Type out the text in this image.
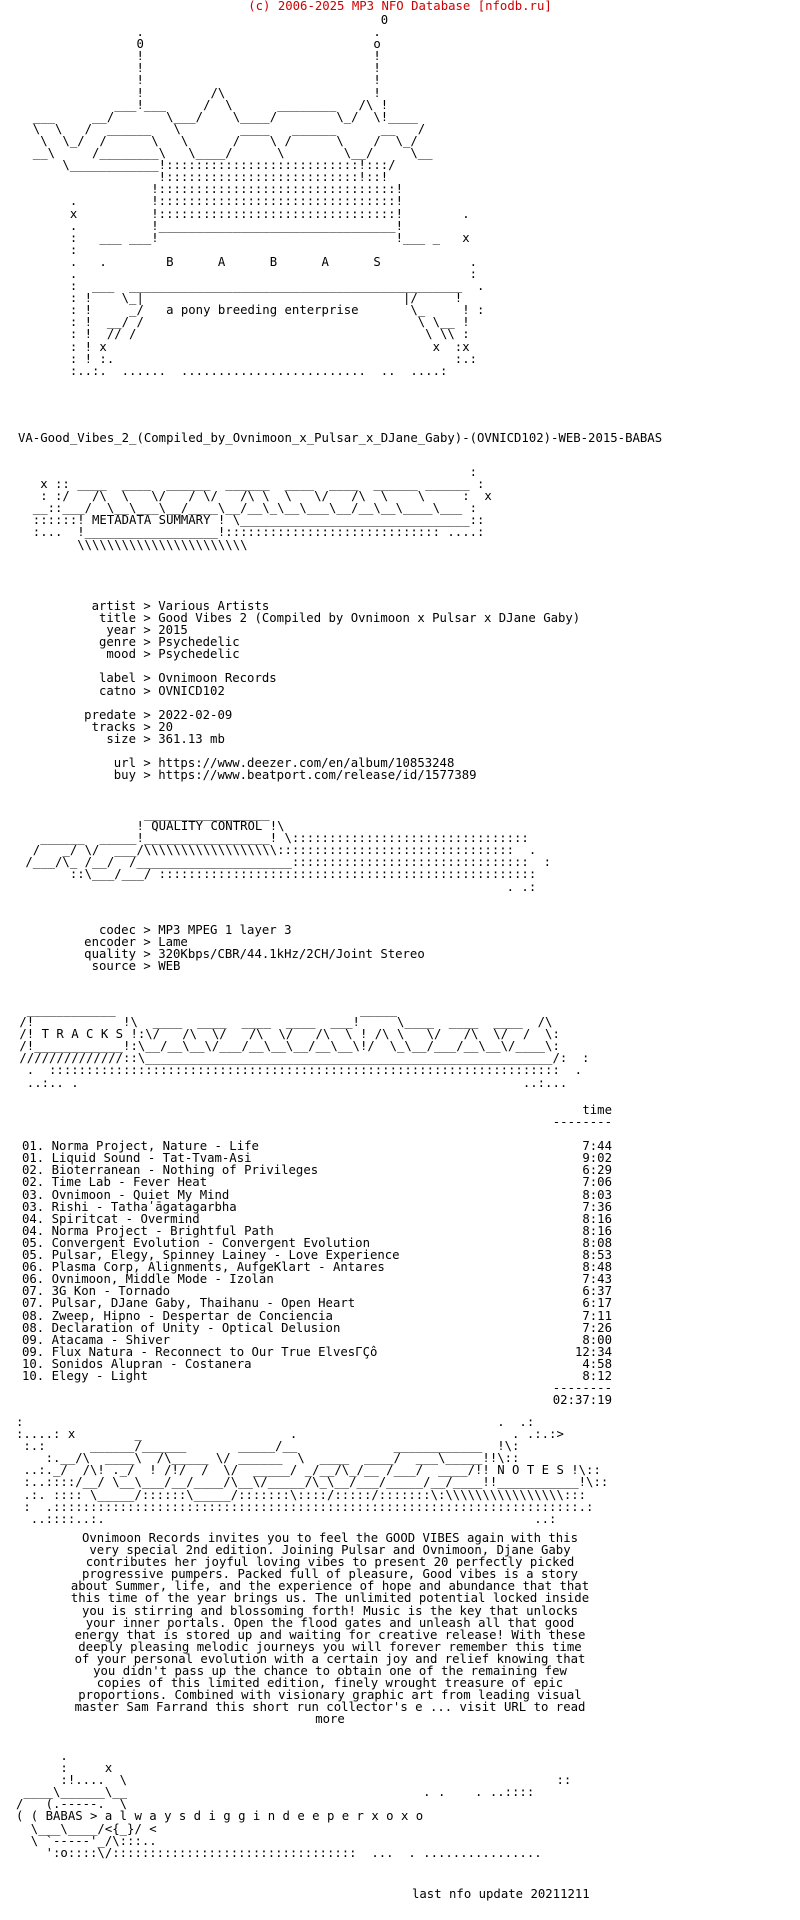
(c) 2006-2025 MP3 NFO Database [nfodb.ru]
0
.                               .
0                               o
!                               !
!                               !
!                               !
!         /\                    !
___!___     /  \      ________   /\ !
___     __/       \___/    \____/        \_/  \!____
\  \   /  ______   \        ____   ______      __   /
\  \_/  /      \   \      /    \ /      \    /  \_/
__\     /________\   \____/      \        \__/     \__
\____________!::::::::::::::::::::::::::!:::/
!::::::::::::::::::::::::::!::!
!::::::::::::::::::::::::::::::::!
.          !::::::::::::::::::::::::::::::::!
x          !::::::::::::::::::::::::::::::::!        .
.          !________________________________!
:   ___ ___!                                !___ _   x
:
.   .        B      A      B      A      S            .
.                                                     :
:  ___  _____________________________________________  .
: !    \_|                                   |/     !
: !     _/   a pony breeding enterprise       \_     ! :
: !  __/ /                                     \ \__ !
: !  // /                                       \ \\ :
: ! x                                            x  :x
: ! :.                                              :.:
:..:.  ......  .........................  ..  ....:
VA-Good_Vibes_2_(Compiled_by_Ovnimoon_x_Pulsar_x_DJane_Gaby)-(OVNICD102)-WEB-2015-BABAS
:
x :: ____  ____  ______  ______  ____  ____  ______ ______ :
: :/   /\  \   \/   / \/   /\ \  \   \/   /\  \    \     :  x
__::___/  \__\___\__/____\__/__\_\__\___\__/__\__\____\___ :
::::::! METADATA SUMMARY ! \_______________________________::
:...  !__________________!::::::::::::::::::::::::::::: ....:
\\\\\\\\\\\\\\\\\\\\\\\
artist > Various Artists
title > Good Vibes 2 (Compiled by Ovnimoon x Pulsar x DJane Gaby)
year > 2015
genre > Psychedelic
mood > Psychedelic

label > Ovnimoon Records
catno > OVNICD102

predate > 2022-02-09
tracks > 20
size > 361.13 mb

url > https://www.deezer.com/en/album/10853248
buy > https://www.beatport.com/release/id/1577389
_________________
! QUALITY CONTROL !\
______  _____!_________________! \::::::::::::::::::::::::::::::::
/   _/ \/  ___/\\\\\\\\\\\\\\\\\\::::::::::::::::::::::::::::::::  .
/___/\_ /__/  /_____________________::::::::::::::::::::::::::::::::  :
::\___/___/ :::::::::::::::::::::::::::::::::::::::::::::::::::
. .:
codec > MP3 MPEG 1 layer 3
encoder > Lame
quality > 320Kbps/CBR/44.1kHz/2CH/Joint Stereo
source > WEB
____________                                 _____
/!            !\  ____  ____  ____  ____  ___!     \____  ____  ____  /\
/! T R A C K S !:\/   /\  \/   /\  \/   /\  \ ! /\ \   \/   /\  \/  /  \:
/!____________!:\__/__\__\/___/__\__\__/__\__\!/  \_\__/___/__\__\/____\:
//////////////::\_______________________________________________________/:  :
.  :::::::::::::::::::::::::::::::::::::::::::::::::::::::::::::::::::::  .
..:.. .                                                            ..:...

time

--------

01. Norma Project, Nature - Life	7:44
01. Liquid Sound - Tat-Tvam-Asi	9:02
02. Bioterranean - Nothing of Privileges	6:29
02. Time Lab - Fever Heat	7:06
03. Ovnimoon - Quiet My Mind	8:03
03. Rishi - Tathaʹāgatagarbha	7:36
04. Spiritcat - Overmind	8:16
04. Norma Project - Brightful Path	8:16
05. Convergent Evolution - Convergent Evolution	8:08
05. Pulsar, Elegy, Spinney Lainey - Love Experience	8:53
06. Plasma Corp, Alignments, AufgeKlart - Antares	8:48
06. Ovnimoon, Middle Mode - Izolan	7:43
07. 3G Kon - Tornado	6:37
07. Pulsar, DJane Gaby, Thaihanu - Open Heart	6:17
08. Zweep, Hipno - Despertar de Conciencia	7:11
08. Declaration of Unity - Optical Delusion	7:26
09. Atacama - Shiver	8:00
09. Flux Natura - Reconnect to Our True ElvesΓÇô	12:34
10. Sonidos Alupran - Costanera	4:58
10. Elegy - Light	8:12

--------

02:37:19

:                                                                .  .:
:....: x        _                    .                             . .:.:>
:.:      ______/______       _____/__             ____________  !\:
:.__/\  ____\  /\_____ \/ ______  \  ____  ____/  ___\_____!!\::
..:._/  /\! ._/  ! /!/  /  \/  _____/ _/__/\_/__ /___/  ____/!! N O T E S !\::
:..::::/__/ \__\___/__/____/\__\/_____/\_\__/___/_____/__/____!!___________!\::
.:. :::: \_____/::::::\_____/:::::::\::::/:::::/:::::::\:\\\\\\\\\\\\\\\\:::
:  .:::::::::::::::::::::::::::::::::::::::::::::::::::::::::::::::::::::::.:
..::::..:.                                                          ..:
Ovnimoon Records invites you to feel the GOOD VIBES again with this
very special 2nd edition. Joining Pulsar and Ovnimoon, Djane Gaby
contributes her joyful loving vibes to present 20 perfectly picked
progressive pumpers. Packed full of pleasure, Good vibes is a story
about Summer, life, and the experience of hope and abundance that that
this time of the year brings us. The unlimited potential locked inside
you is stirring and blossoming forth! Music is the key that unlocks
your inner portals. Open the flood gates and unleash all that good
energy that is stored up and waiting for creative release! With these
deeply pleasing melodic journeys you will forever remember this time
of your personal evolution with a certain joy and relief knowing that
you didn't pass up the chance to obtain one of the remaining few
copies of this limited edition, finely wrought treasure of epic
proportions. Combined with visionary graphic art from leading visual
master Sam Farrand this short run collector's e ... visit URL to read
more
.
:     x
:!....  \                                                          ::
____\______\__                                        . .    . ..::::
/   (.-----.  \
( ( BABAS > a l w a y s d i g g i n d e e p e r x o x o
\___\____/<{_}/ <
\ `-----'_/\:::..
':o::::\/:::::::::::::::::::::::::::::::::  ...  . ................
last nfo update 20211211
